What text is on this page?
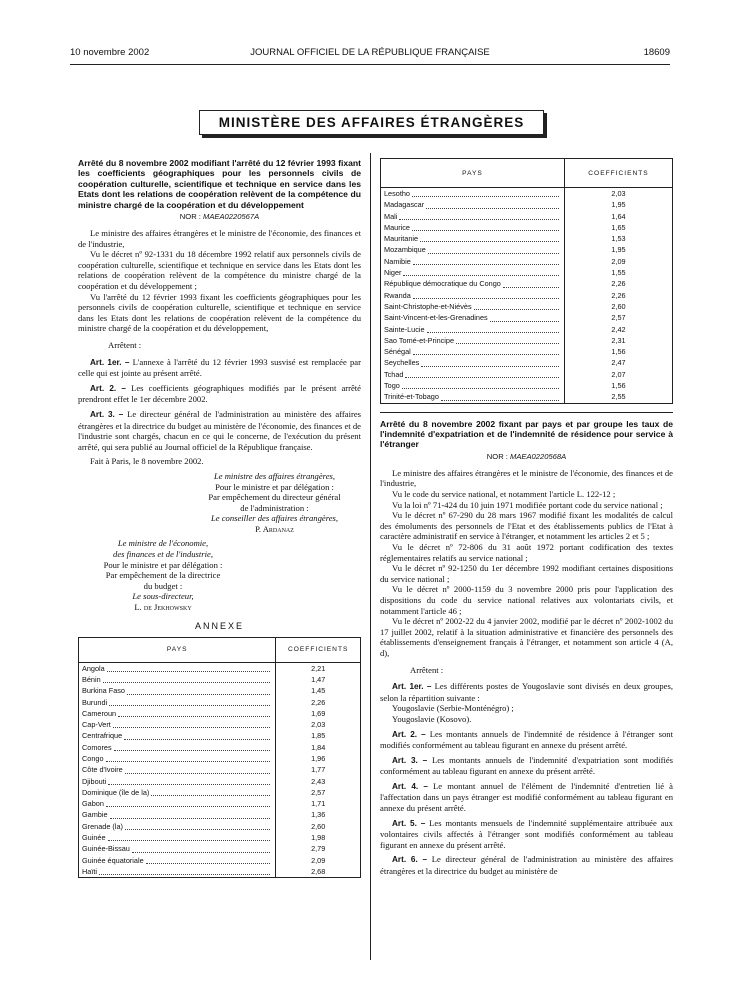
10 novembre 2002	JOURNAL OFFICIEL DE LA RÉPUBLIQUE FRANÇAISE	18609
MINISTÈRE DES AFFAIRES ÉTRANGÈRES
Arrêté du 8 novembre 2002 modifiant l'arrêté du 12 février 1993 fixant les coefficients géographiques pour les personnels civils de coopération culturelle, scientifique et technique en service dans les Etats dont les relations de coopération relèvent de la compétence du ministre chargé de la coopération et du développement
NOR : MAEA0220567A

Le ministre des affaires étrangères et le ministre de l'économie, des finances et de l'industrie,

Vu le décret nº 92-1331 du 18 décembre 1992 relatif aux personnels civils de coopération culturelle, scientifique et technique en service dans les Etats dont les relations de coopération relèvent de la compétence du ministre chargé de la coopération et du développement ;

Vu l'arrêté du 12 février 1993 fixant les coefficients géographiques pour les personnels civils de coopération culturelle, scientifique et technique en service dans les Etats dont les relations de coopération relèvent de la compétence du ministre chargé de la coopération et du développement,

Arrêtent :

Art. 1er. – L'annexe à l'arrêté du 12 février 1993 susvisé est remplacée par celle qui est jointe au présent arrêté.

Art. 2. – Les coefficients géographiques modifiés par le présent arrêté prendront effet le 1er décembre 2002.

Art. 3. – Le directeur général de l'administration au ministère des affaires étrangères et la directrice du budget au ministère de l'économie, des finances et de l'industrie sont chargés, chacun en ce qui le concerne, de l'exécution du présent arrêté, qui sera publié au Journal officiel de la République française.

Fait à Paris, le 8 novembre 2002.

Le ministre des affaires étrangères,
Pour le ministre et par délégation :
Par empêchement du directeur général
de l'administration :
Le conseiller des affaires étrangères,
P. Ardanaz
Le ministre de l'économie,
des finances et de l'industrie,
Pour le ministre et par délégation :
Par empêchement de la directrice
du budget :
Le sous-directeur,
L. de Jekhowsky
ANNEXE
PAYS	COEFFICIENTS

Angola	2,21

Bénin	1,47

Burkina Faso	1,45

Burundi	2,26

Cameroun	1,69

Cap-Vert	2,03

Centrafrique	1,85

Comores	1,84

Congo	1,96

Côte d'Ivoire	1,77

Djibouti	2,43

Dominique (île de la)	2,57

Gabon	1,71

Gambie	1,36

Grenade (la)	2,60

Guinée	1,98

Guinée-Bissau	2,79

Guinée équatoriale	2,09

Haïti	2,68
PAYS	COEFFICIENTS

Lesotho	2,03

Madagascar	1,95

Mali	1,64

Maurice	1,65

Mauritanie	1,53

Mozambique	1,95

Namibie	2,09

Niger	1,55

République démocratique du Congo	2,26

Rwanda	2,26

Saint-Christophe-et-Niévès	2,60

Saint-Vincent-et-les-Grenadines	2,57

Sainte-Lucie	2,42

Sao Tomé-et-Principe	2,31

Sénégal	1,56

Seychelles	2,47

Tchad	2,07

Togo	1,56

Trinité-et-Tobago	2,55
Arrêté du 8 novembre 2002 fixant par pays et par groupe les taux de l'indemnité d'expatriation et de l'indemnité de résidence pour service à l'étranger
NOR : MAEA0220568A

Le ministre des affaires étrangères et le ministre de l'économie, des finances et de l'industrie,

Vu le code du service national, et notamment l'article L. 122-12 ;

Vu la loi nº 71-424 du 10 juin 1971 modifiée portant code du service national ;

Vu le décret nº 67-290 du 28 mars 1967 modifié fixant les modalités de calcul des émoluments des personnels de l'Etat et des établissements publics de l'Etat à caractère administratif en service à l'étranger, et notamment les articles 2 et 5 ;

Vu le décret nº 72-806 du 31 août 1972 portant codification des textes réglementaires relatifs au service national ;

Vu le décret nº 92-1250 du 1er décembre 1992 modifiant certaines dispositions du service national ;

Vu le décret nº 2000-1159 du 3 novembre 2000 pris pour l'application des dispositions du code du service national relatives aux volontariats civils, et notamment l'article 46 ;

Vu le décret nº 2002-22 du 4 janvier 2002, modifié par le décret nº 2002-1002 du 17 juillet 2002, relatif à la situation administrative et financière des personnels des établissements d'enseignement français à l'étranger, et notamment son article 4 (A, d),

Arrêtent :

Art. 1er. – Les différents postes de Yougoslavie sont divisés en deux groupes, selon la répartition suivante :

Yougoslavie (Serbie-Monténégro) ;

Yougoslavie (Kosovo).

Art. 2. – Les montants annuels de l'indemnité de résidence à l'étranger sont modifiés conformément au tableau figurant en annexe du présent arrêté.

Art. 3. – Les montants annuels de l'indemnité d'expatriation sont modifiés conformément au tableau figurant en annexe du présent arrêté.

Art. 4. – Le montant annuel de l'élément de l'indemnité d'entretien lié à l'affectation dans un pays étranger est modifié conformément au tableau figurant en annexe du présent arrêté.

Art. 5. – Les montants mensuels de l'indemnité supplémentaire attribuée aux volontaires civils affectés à l'étranger sont modifiés conformément au tableau figurant en annexe du présent arrêté.

Art. 6. – Le directeur général de l'administration au ministère des affaires étrangères et la directrice du budget au ministère de
